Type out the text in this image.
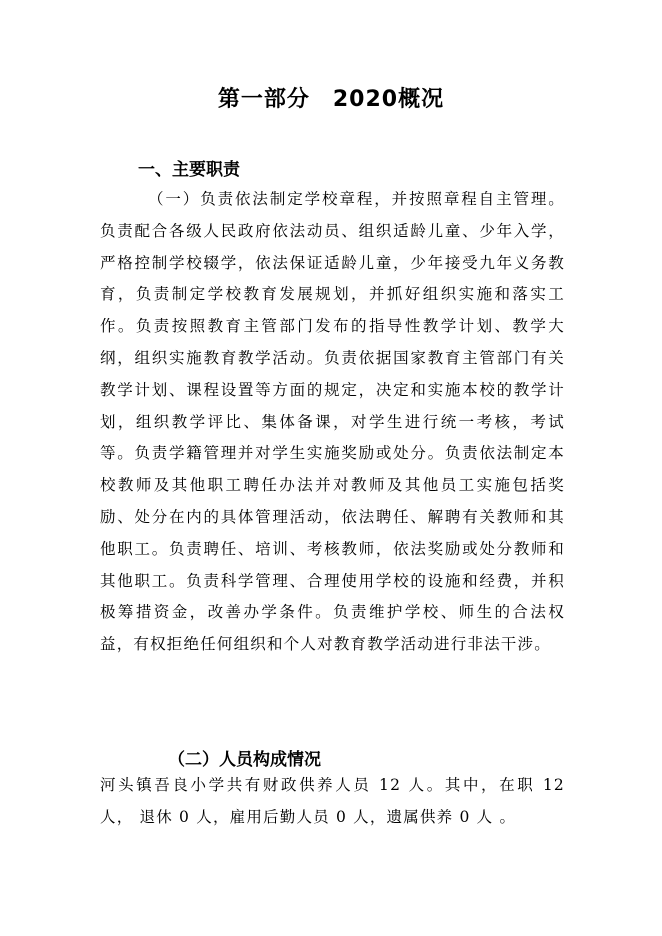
第一部分　2020概况
一、主要职责
（一）负责依法制定学校章程，并按照章程自主管理。负责配合各级人民政府依法动员、组织适龄儿童、少年入学，严格控制学校辍学，依法保证适龄儿童，少年接受九年义务教育，负责制定学校教育发展规划，并抓好组织实施和落实工作。负责按照教育主管部门发布的指导性教学计划、教学大纲，组织实施教育教学活动。负责依据国家教育主管部门有关教学计划、课程设置等方面的规定，决定和实施本校的教学计划，组织教学评比、集体备课，对学生进行统一考核，考试等。负责学籍管理并对学生实施奖励或处分。负责依法制定本校教师及其他职工聘任办法并对教师及其他员工实施包括奖励、处分在内的具体管理活动，依法聘任、解聘有关教师和其他职工。负责聘任、培训、考核教师，依法奖励或处分教师和其他职工。负责科学管理、合理使用学校的设施和经费，并积极筹措资金，改善办学条件。负责维护学校、师生的合法权益，有权拒绝任何组织和个人对教育教学活动进行非法干涉。
（二）人员构成情况
河头镇吾良小学共有财政供养人员 12 人。其中，在职 12 人， 退休 0 人，雇用后勤人员 0 人，遗属供养 0 人 。
